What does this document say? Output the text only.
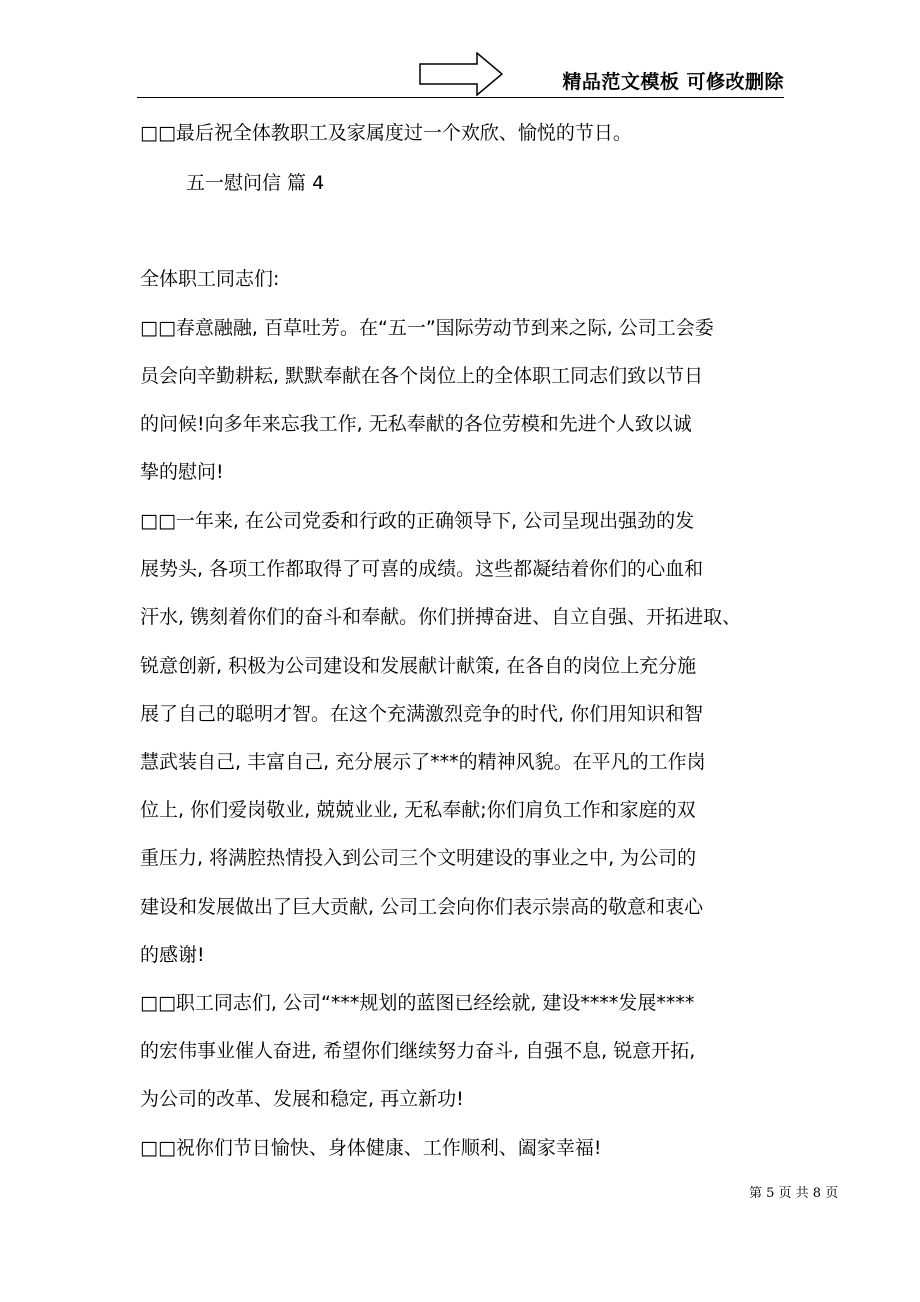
精品范文模板 可修改删除
□□最后祝全体教职工及家属度过一个欢欣、愉悦的节日。
五一慰问信 篇 4
全体职工同志们:
□□春意融融, 百草吐芳。在“五一”国际劳动节到来之际, 公司工会委
员会向辛勤耕耘, 默默奉献在各个岗位上的全体职工同志们致以节日
的问候!向多年来忘我工作, 无私奉献的各位劳模和先进个人致以诚
挚的慰问!
□□一年来, 在公司党委和行政的正确领导下, 公司呈现出强劲的发
展势头, 各项工作都取得了可喜的成绩。这些都凝结着你们的心血和
汗水, 镌刻着你们的奋斗和奉献。你们拼搏奋进、自立自强、开拓进取、
锐意创新, 积极为公司建设和发展献计献策, 在各自的岗位上充分施
展了自己的聪明才智。在这个充满激烈竞争的时代, 你们用知识和智
慧武装自己, 丰富自己, 充分展示了***的精神风貌。在平凡的工作岗
位上, 你们爱岗敬业, 兢兢业业, 无私奉献;你们肩负工作和家庭的双
重压力, 将满腔热情投入到公司三个文明建设的事业之中, 为公司的
建设和发展做出了巨大贡献, 公司工会向你们表示崇高的敬意和衷心
的感谢!
□□职工同志们, 公司“***规划的蓝图已经绘就, 建设****发展****
的宏伟事业催人奋进, 希望你们继续努力奋斗, 自强不息, 锐意开拓,
为公司的改革、发展和稳定, 再立新功!
□□祝你们节日愉快、身体健康、工作顺利、阖家幸福!
第 5 页 共 8 页
